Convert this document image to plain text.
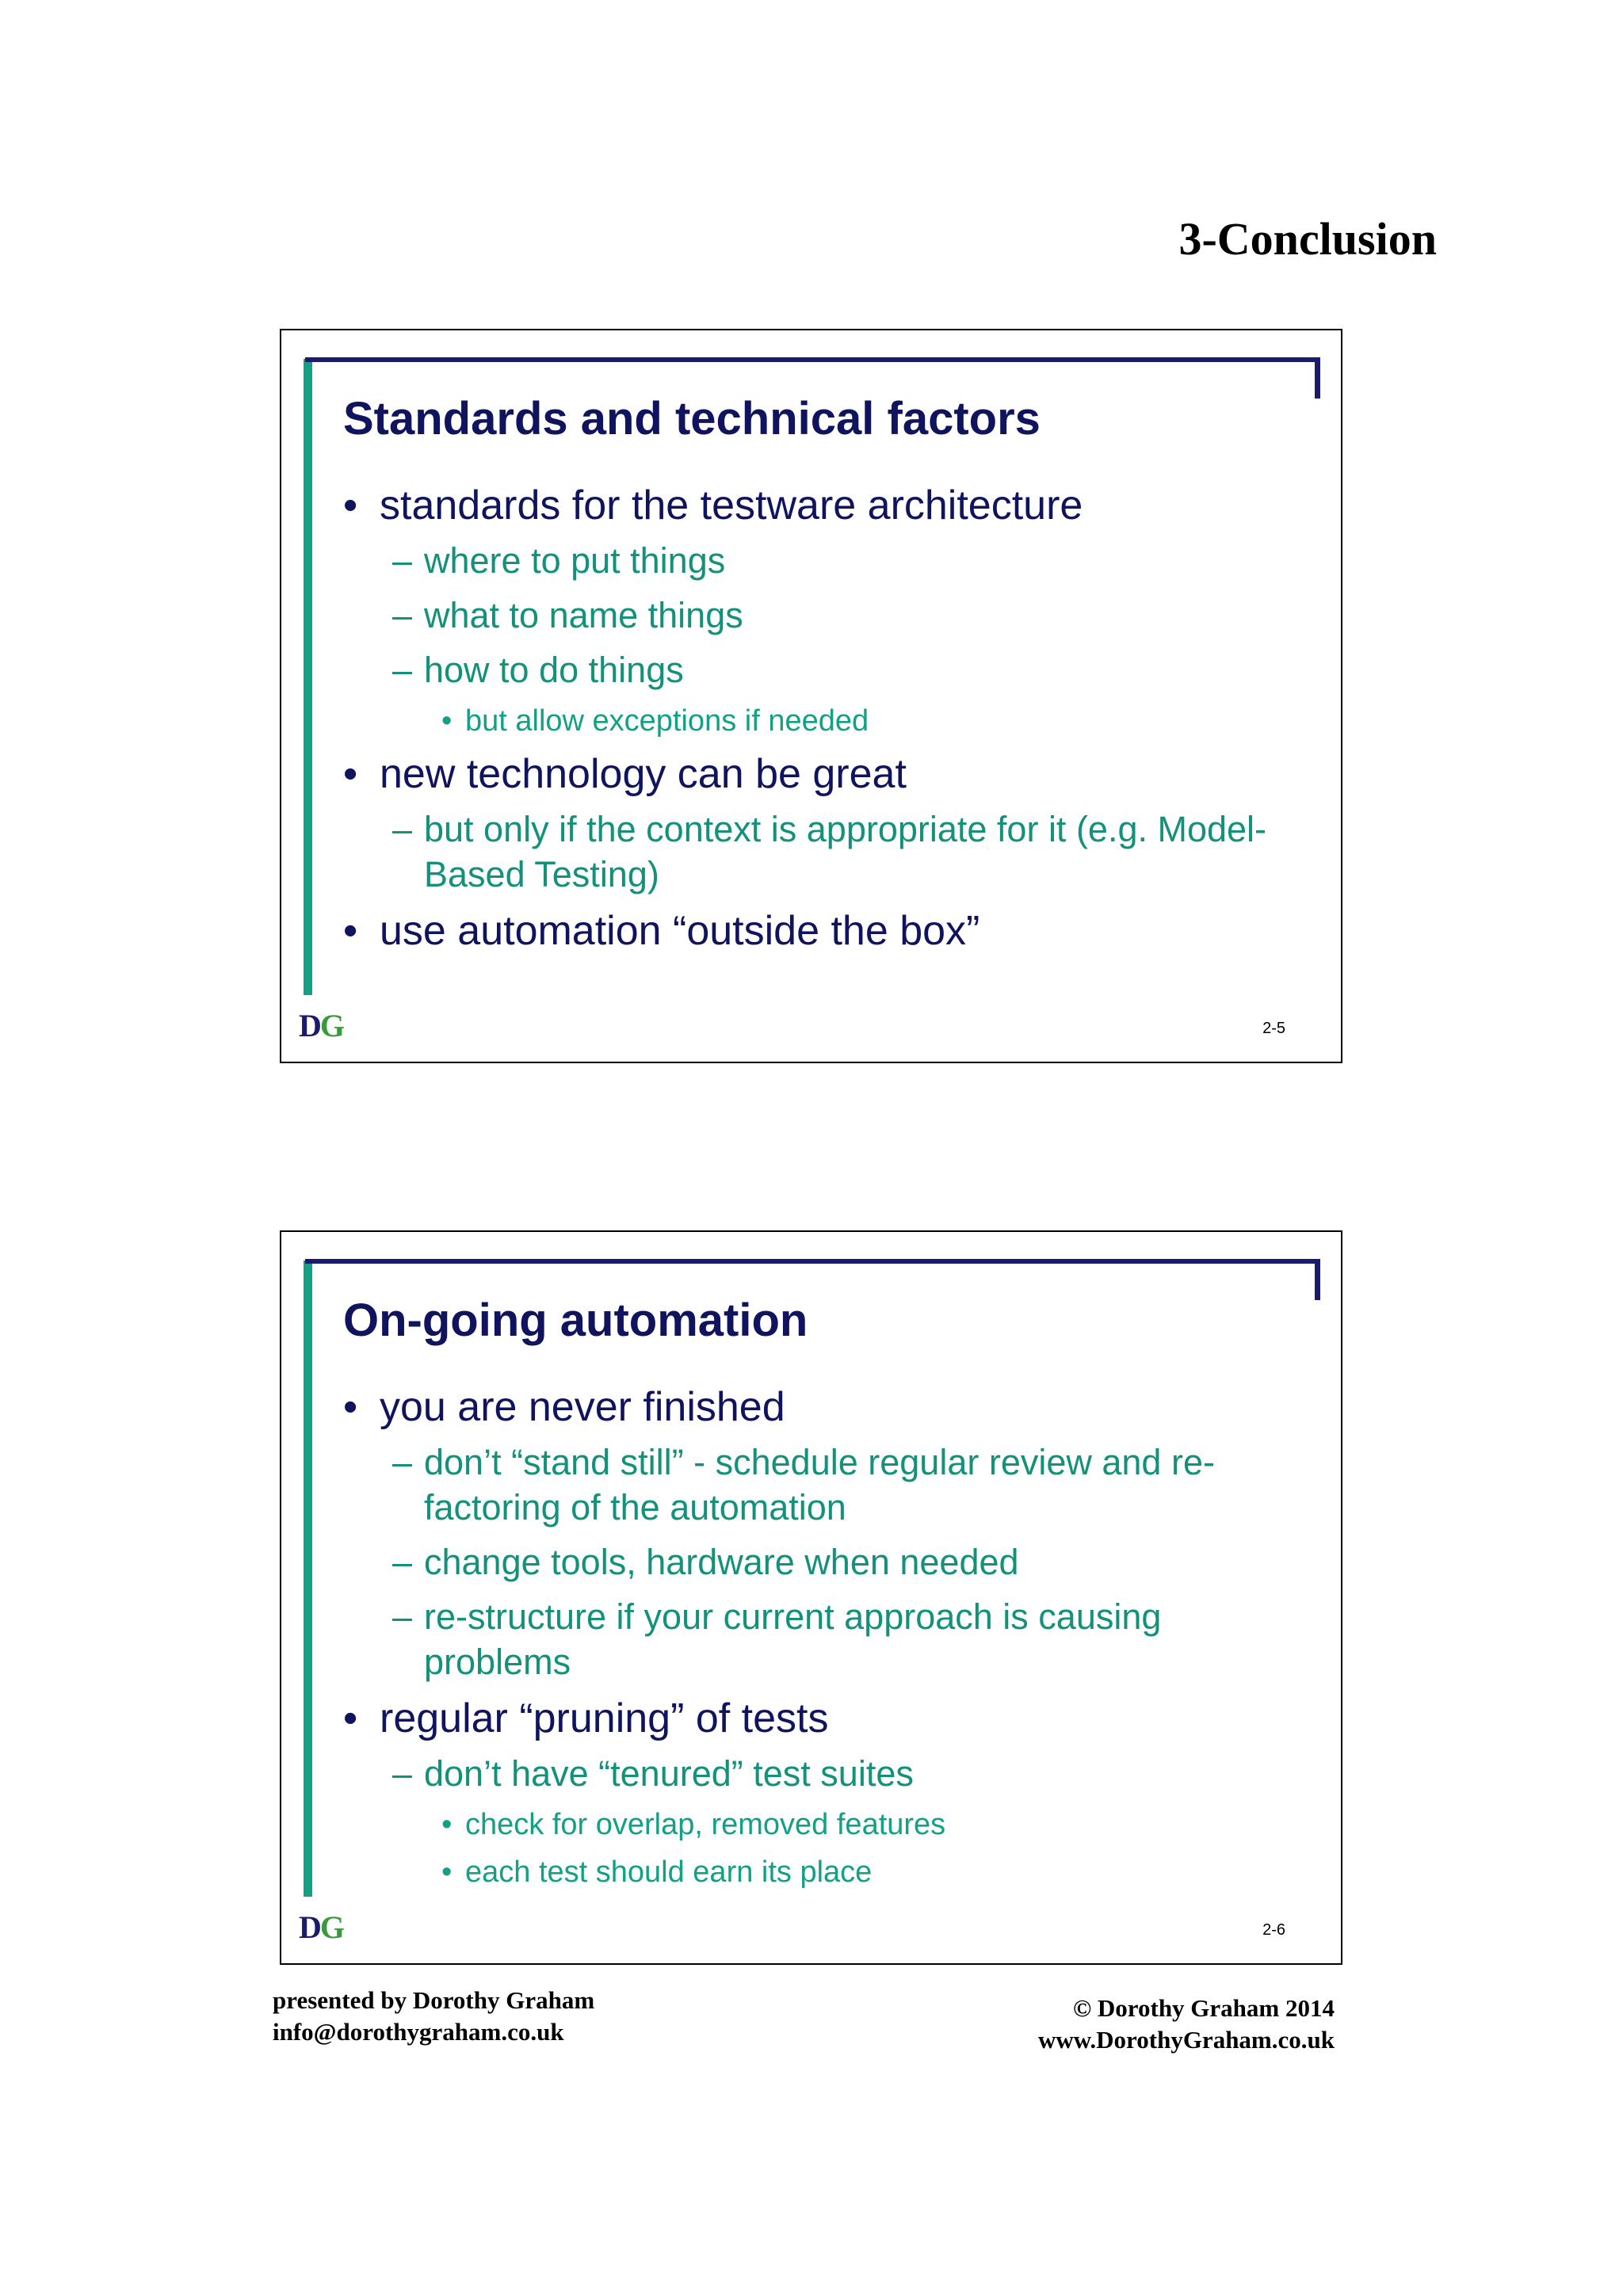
3-Conclusion
Standards and technical factors
• standards for the testware architecture
– where to put things
– what to name things
– how to do things
• but allow exceptions if needed
• new technology can be great
– but only if the context is appropriate for it (e.g. Model-Based Testing)
• use automation “outside the box”
DG	2-5
On-going automation
• you are never finished
– don’t “stand still” - schedule regular review and re-factoring of the automation
– change tools, hardware when needed
– re-structure if your current approach is causing problems
• regular “pruning” of tests
– don’t have “tenured” test suites
• check for overlap, removed features
• each test should earn its place
DG	2-6
presented by Dorothy Graham
info@dorothygraham.co.uk
© Dorothy Graham 2014
www.DorothyGraham.co.uk
